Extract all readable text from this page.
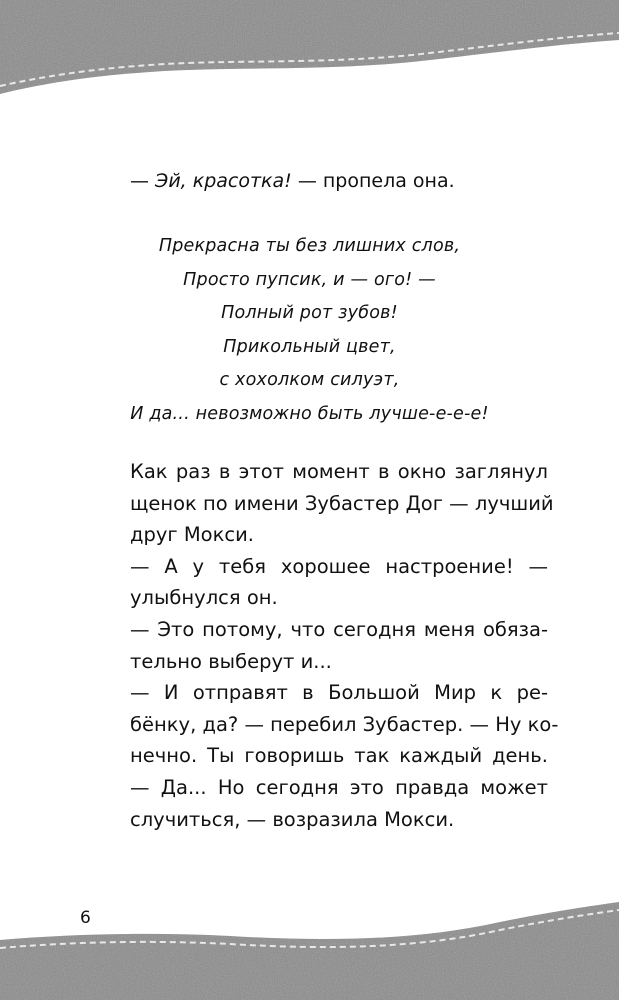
— Эй, красотка! — пропела она.
Прекрасна ты без лишних слов,
Просто пупсик, и — ого! —
Полный рот зубов!
Прикольный цвет,
с хохолком силуэт,
И да... невозможно быть лучше-е-е-е!
Как раз в этот момент в окно заглянул
щенок по имени Зубастер Дог — лучший
друг Мокси.
— А у тебя хорошее настроение! —
улыбнулся он.
— Это потому, что сегодня меня обяза-
тельно выберут и...
— И отправят в Большой Мир к ре-
бёнку, да? — перебил Зубастер. — Ну ко-
нечно. Ты говоришь так каждый день.
— Да... Но сегодня это правда может
случиться, — возразила Мокси.
6
